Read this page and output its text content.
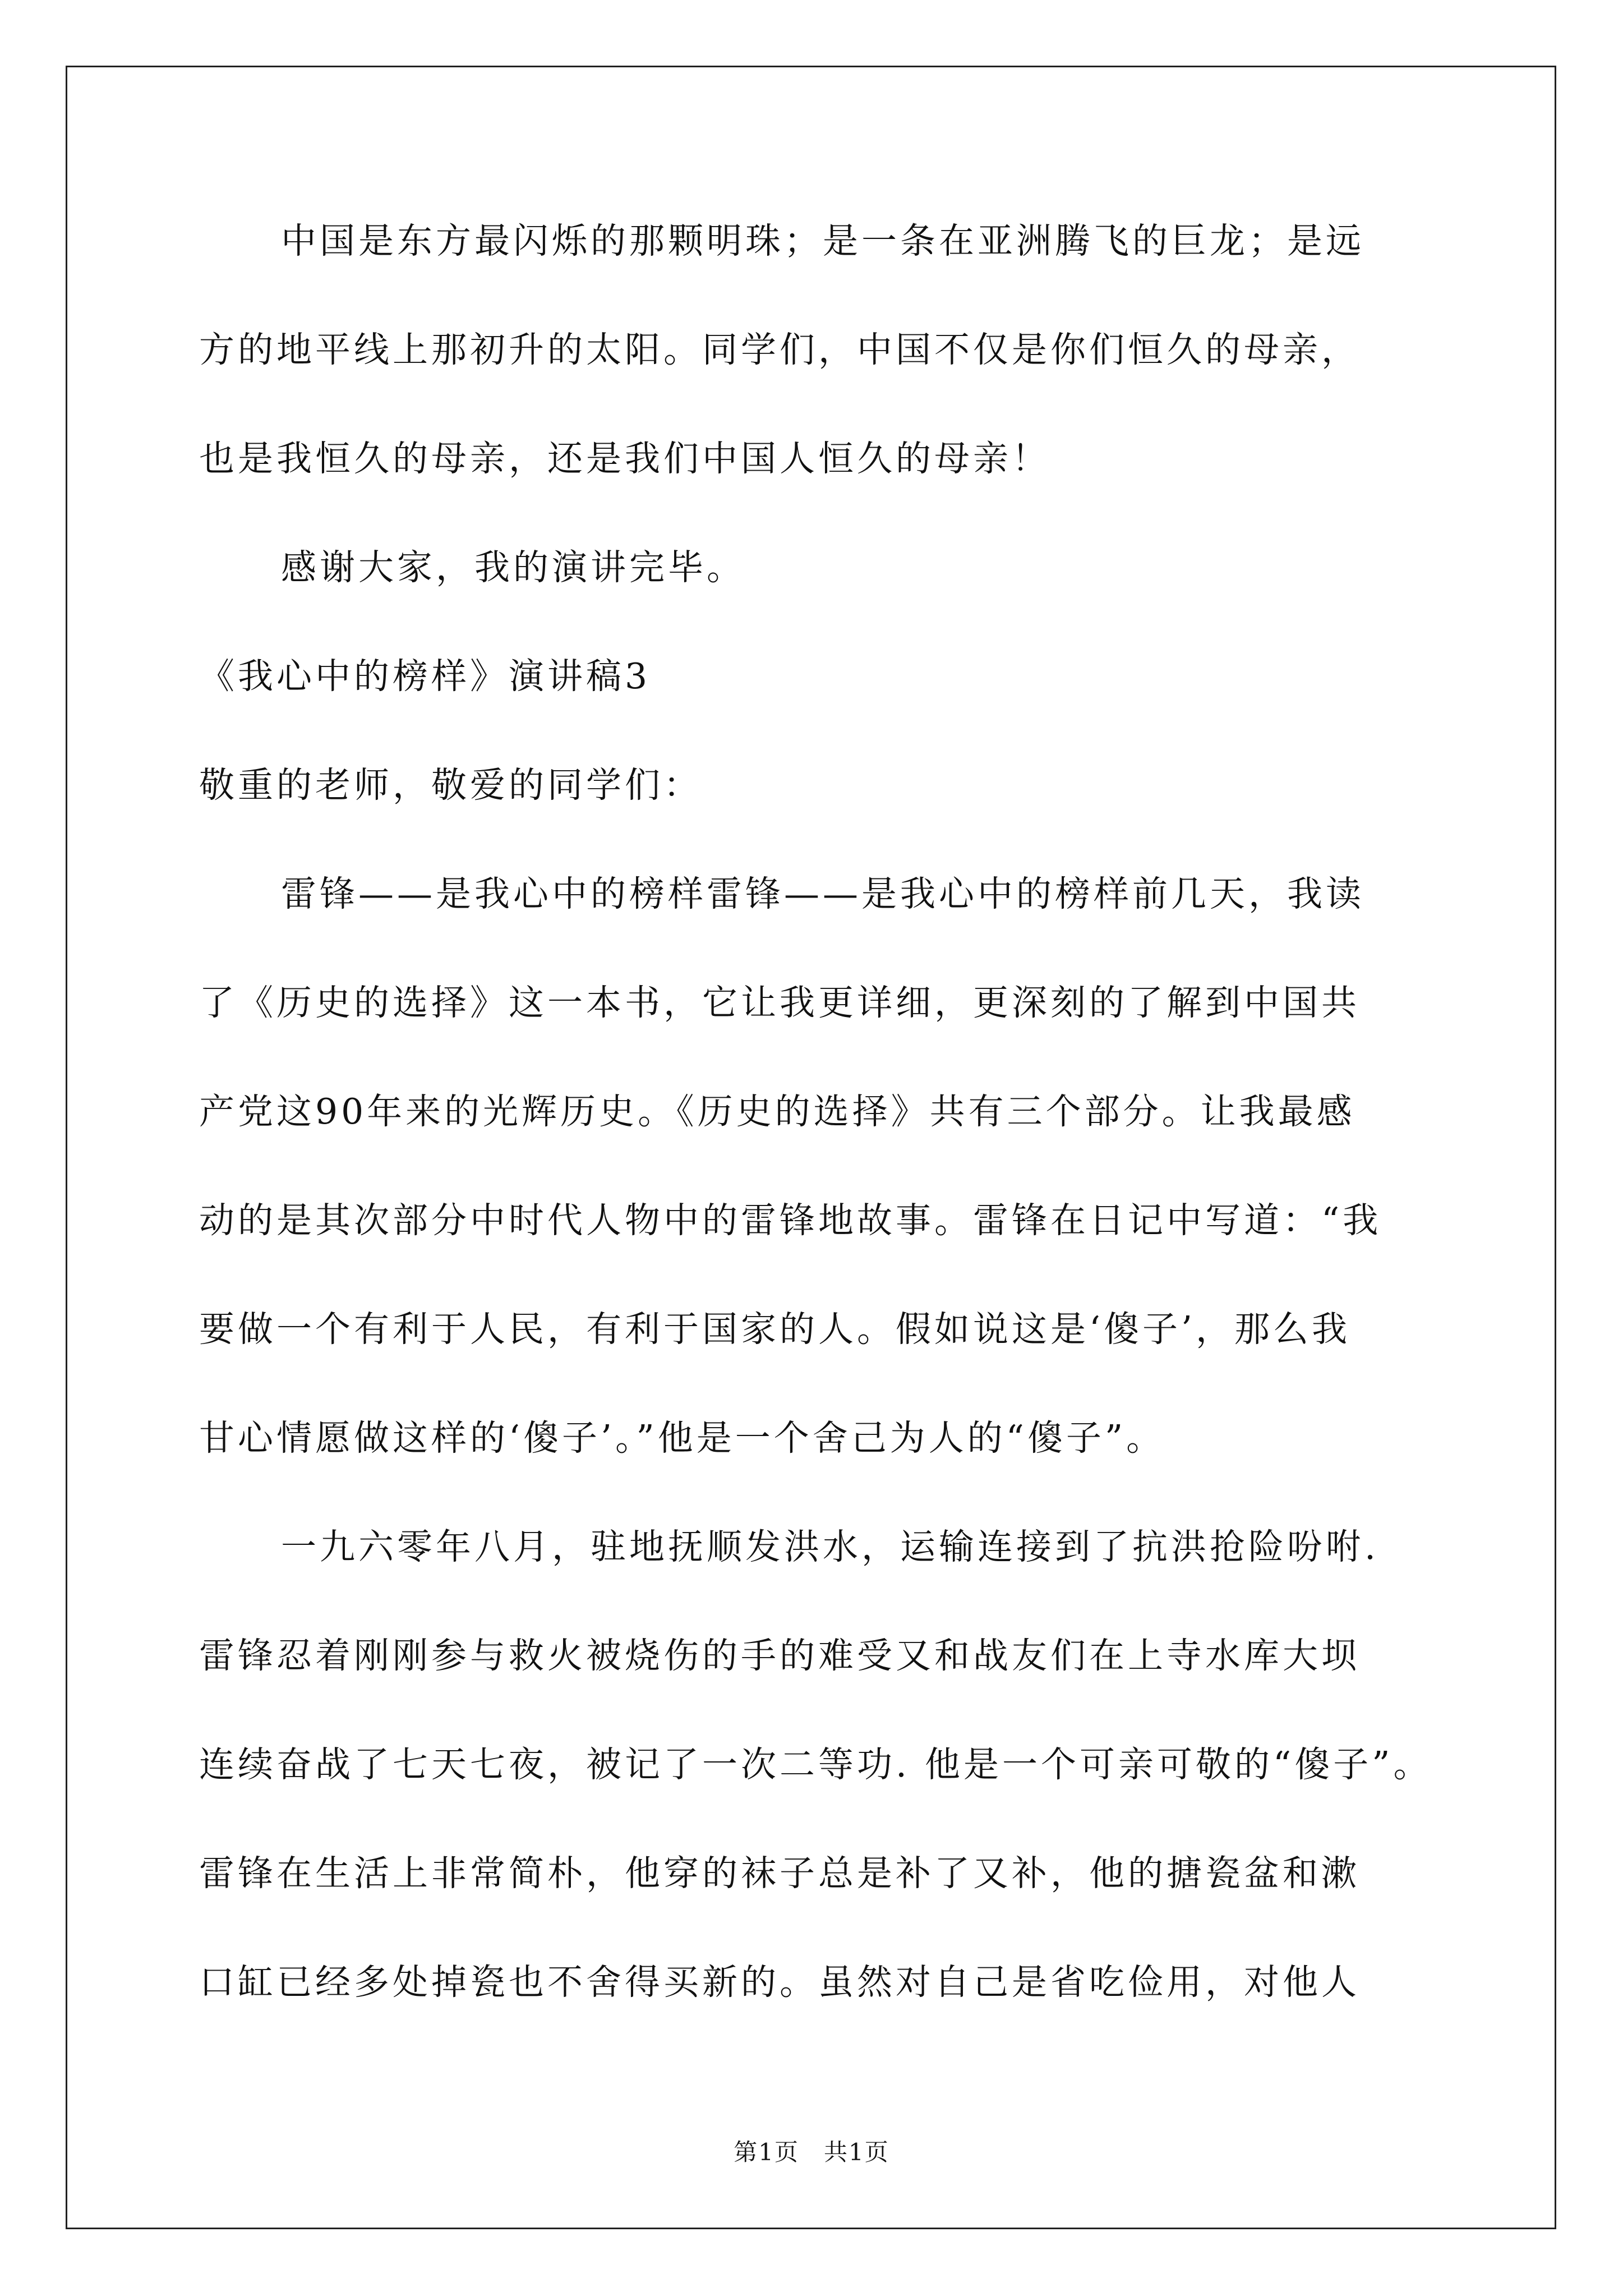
中国是东方最闪烁的那颗明珠；是一条在亚洲腾飞的巨龙；是远
方的地平线上那初升的太阳。同学们，中国不仅是你们恒久的母亲，
也是我恒久的母亲，还是我们中国人恒久的母亲！
感谢大家，我的演讲完毕。
《我心中的榜样》演讲稿3
敬重的老师，敬爱的同学们：
雷锋——是我心中的榜样雷锋——是我心中的榜样前几天，我读
了《历史的选择》这一本书，它让我更详细，更深刻的了解到中国共
产党这90年来的光辉历史。《历史的选择》共有三个部分。让我最感
动的是其次部分中时代人物中的雷锋地故事。雷锋在日记中写道：“我
要做一个有利于人民，有利于国家的人。假如说这是‘傻子’，那么我
甘心情愿做这样的‘傻子’。”他是一个舍己为人的“傻子”。
一九六零年八月，驻地抚顺发洪水，运输连接到了抗洪抢险吩咐.
雷锋忍着刚刚参与救火被烧伤的手的难受又和战友们在上寺水库大坝
连续奋战了七天七夜，被记了一次二等功. 他是一个可亲可敬的“傻子”。
雷锋在生活上非常简朴，他穿的袜子总是补了又补，他的搪瓷盆和漱
口缸已经多处掉瓷也不舍得买新的。虽然对自己是省吃俭用，对他人
第1页　共1页
